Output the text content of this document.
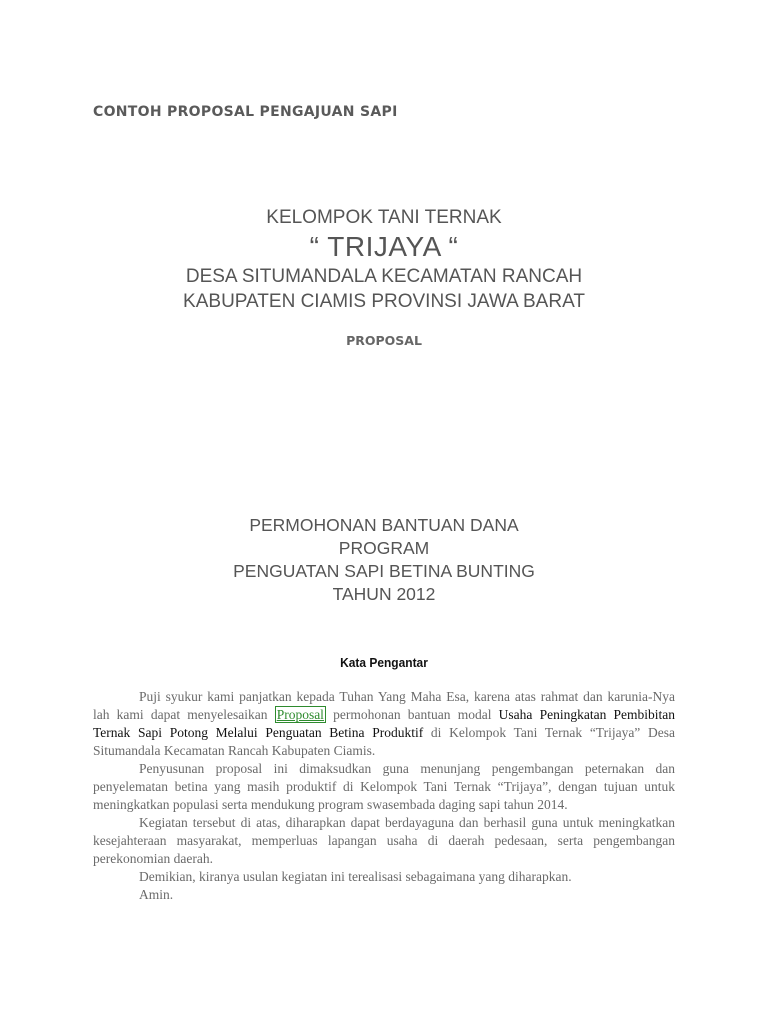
CONTOH PROPOSAL PENGAJUAN SAPI
KELOMPOK TANI TERNAK
“ TRIJAYA “
DESA SITUMANDALA KECAMATAN RANCAH
KABUPATEN CIAMIS PROVINSI JAWA BARAT
PROPOSAL
PERMOHONAN BANTUAN DANA
PROGRAM
PENGUATAN SAPI BETINA BUNTING
TAHUN 2012
Kata Pengantar

Puji syukur kami panjatkan kepada Tuhan Yang Maha Esa, karena atas rahmat dan karunia-Nya lah kami dapat menyelesaikan Proposal permohonan bantuan modal Usaha Peningkatan Pembibitan Ternak Sapi Potong Melalui Penguatan Betina Produktif di Kelompok Tani Ternak “Trijaya” Desa Situmandala Kecamatan Rancah Kabupaten Ciamis.

Penyusunan proposal ini dimaksudkan guna menunjang pengembangan peternakan dan penyelematan betina yang masih produktif di Kelompok Tani Ternak “Trijaya”, dengan tujuan untuk meningkatkan populasi serta mendukung program swasembada daging sapi tahun 2014.

Kegiatan tersebut di atas, diharapkan dapat berdayaguna dan berhasil guna untuk meningkatkan kesejahteraan masyarakat, memperluas lapangan usaha di daerah pedesaan, serta pengembangan perekonomian daerah.

Demikian, kiranya usulan kegiatan ini terealisasi sebagaimana yang diharapkan.

Amin.
